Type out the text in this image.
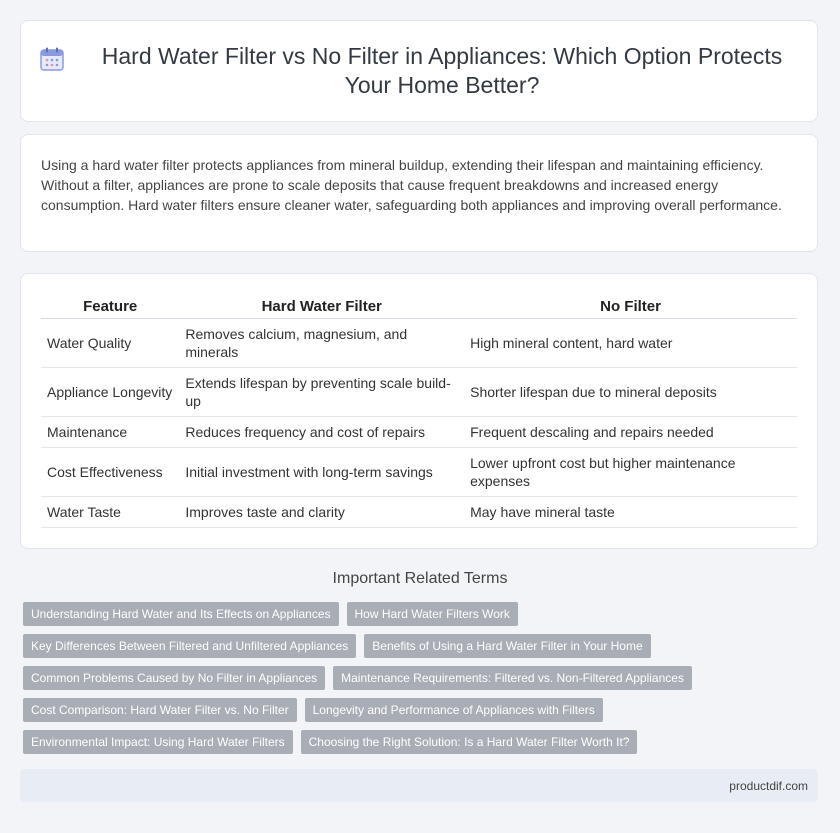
Hard Water Filter vs No Filter in Appliances: Which Option Protects Your Home Better?

Using a hard water filter protects appliances from mineral buildup, extending their lifespan and maintaining efficiency. Without a filter, appliances are prone to scale deposits that cause frequent breakdowns and increased energy consumption. Hard water filters ensure cleaner water, safeguarding both appliances and improving overall performance.

Feature	Hard Water Filter	No Filter
Water Quality	Removes calcium, magnesium, and minerals	High mineral content, hard water
Appliance Longevity	Extends lifespan by preventing scale build-up	Shorter lifespan due to mineral deposits
Maintenance	Reduces frequency and cost of repairs	Frequent descaling and repairs needed
Cost Effectiveness	Initial investment with long-term savings	Lower upfront cost but higher maintenance expenses
Water Taste	Improves taste and clarity	May have mineral taste
Important Related Terms
Understanding Hard Water and Its Effects on Appliances	How Hard Water Filters Work
Key Differences Between Filtered and Unfiltered Appliances	Benefits of Using a Hard Water Filter in Your Home
Common Problems Caused by No Filter in Appliances	Maintenance Requirements: Filtered vs. Non-Filtered Appliances
Cost Comparison: Hard Water Filter vs. No Filter	Longevity and Performance of Appliances with Filters
Environmental Impact: Using Hard Water Filters	Choosing the Right Solution: Is a Hard Water Filter Worth It?
productdif.com
